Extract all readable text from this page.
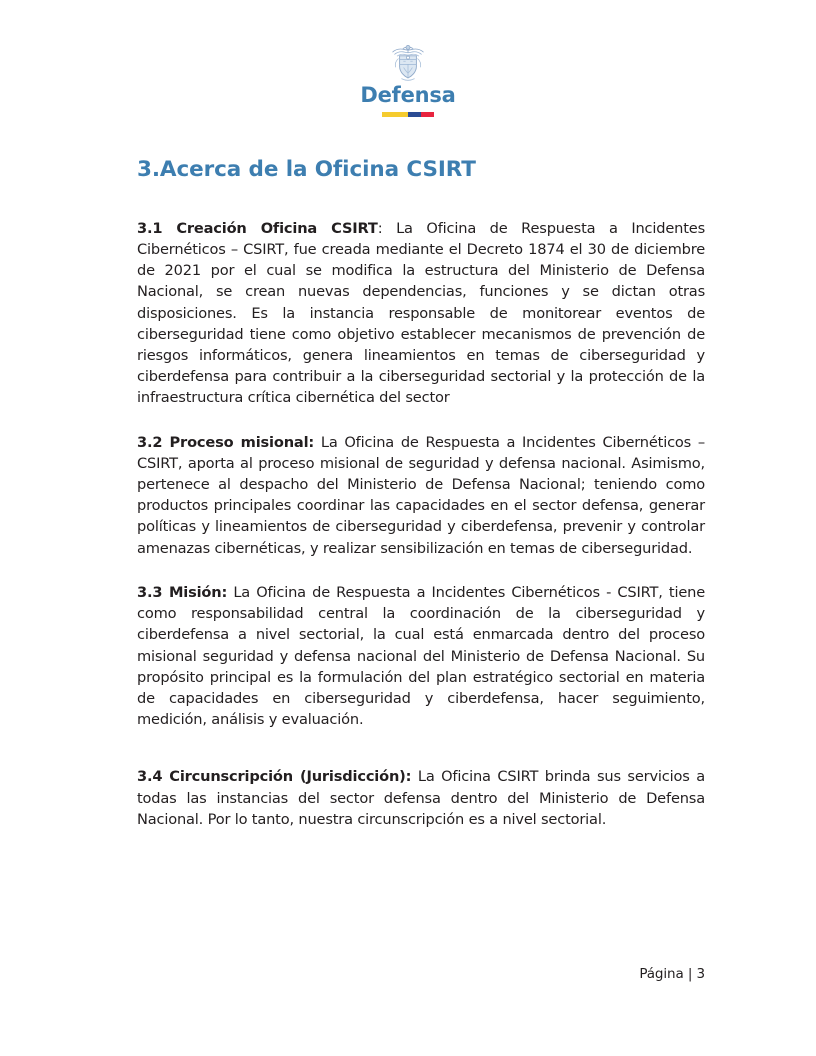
Defensa
3.Acerca de la Oficina CSIRT

3.1 Creación Oficina CSIRT: La Oficina de Respuesta a Incidentes Cibernéticos – CSIRT, fue creada mediante el Decreto 1874 el 30 de diciembre de 2021 por el cual se modifica la estructura del Ministerio de Defensa Nacional, se crean nuevas dependencias, funciones y se dictan otras disposiciones. Es la instancia responsable de monitorear eventos de ciberseguridad tiene como objetivo establecer mecanismos de prevención de riesgos informáticos, genera lineamientos en temas de ciberseguridad y ciberdefensa para contribuir a la ciberseguridad sectorial y la protección de la infraestructura crítica cibernética del sector

3.2 Proceso misional: La Oficina de Respuesta a Incidentes Cibernéticos – CSIRT, aporta al proceso misional de seguridad y defensa nacional. Asimismo, pertenece al despacho del Ministerio de Defensa Nacional; teniendo como productos principales coordinar las capacidades en el sector defensa, generar políticas y lineamientos de ciberseguridad y ciberdefensa, prevenir y controlar amenazas cibernéticas, y realizar sensibilización en temas de ciberseguridad.

3.3 Misión: La Oficina de Respuesta a Incidentes Cibernéticos - CSIRT, tiene como responsabilidad central la coordinación de la ciberseguridad y ciberdefensa a nivel sectorial, la cual está enmarcada dentro del proceso misional seguridad y defensa nacional del Ministerio de Defensa Nacional. Su propósito principal es la formulación del plan estratégico sectorial en materia de capacidades en ciberseguridad y ciberdefensa, hacer seguimiento, medición, análisis y evaluación.

3.4 Circunscripción (Jurisdicción): La Oficina CSIRT brinda sus servicios a todas las instancias del sector defensa dentro del Ministerio de Defensa Nacional. Por lo tanto, nuestra circunscripción es a nivel sectorial.

Página | 3
